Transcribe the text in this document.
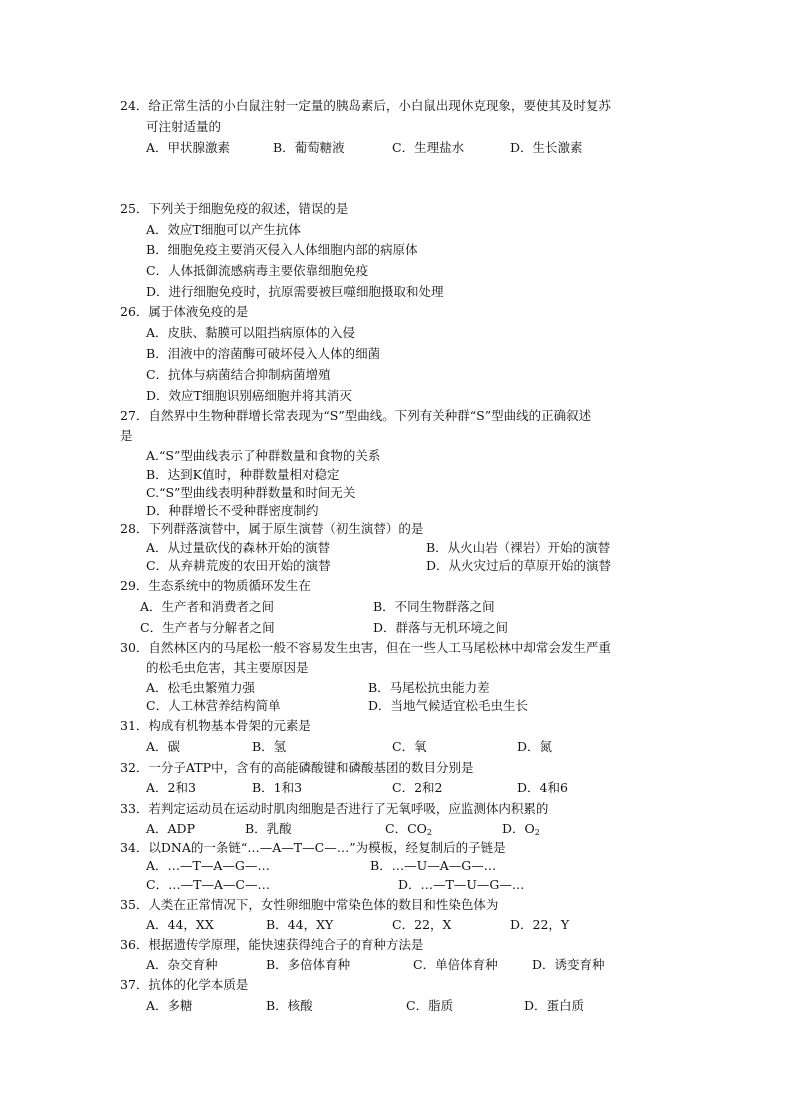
24．给正常生活的小白鼠注射一定量的胰岛素后，小白鼠出现休克现象，要使其及时复苏
可注射适量的
A．甲状腺激素	B．葡萄糖液	C．生理盐水	D．生长激素
25．下列关于细胞免疫的叙述，错误的是
A．效应T细胞可以产生抗体
B．细胞免疫主要消灭侵入人体细胞内部的病原体
C．人体抵御流感病毒主要依靠细胞免疫
D．进行细胞免疫时，抗原需要被巨噬细胞摄取和处理
26．属于体液免疫的是
A．皮肤、黏膜可以阻挡病原体的入侵
B．泪液中的溶菌酶可破坏侵入人体的细菌
C．抗体与病菌结合抑制病菌增殖
D．效应T细胞识别癌细胞并将其消灭
27．自然界中生物种群增长常表现为“S”型曲线。下列有关种群“S”型曲线的正确叙述
是
A.“S”型曲线表示了种群数量和食物的关系
B．达到K值时，种群数量相对稳定
C.“S”型曲线表明种群数量和时间无关
D．种群增长不受种群密度制约
28．下列群落演替中，属于原生演替（初生演替）的是
A．从过量砍伐的森林开始的演替	B．从火山岩（裸岩）开始的演替
C．从弃耕荒废的农田开始的演替	D．从火灾过后的草原开始的演替
29．生态系统中的物质循环发生在
A．生产者和消费者之间	B．不同生物群落之间
C．生产者与分解者之间	D．群落与无机环境之间
30．自然林区内的马尾松一般不容易发生虫害，但在一些人工马尾松林中却常会发生严重
的松毛虫危害，其主要原因是
A．松毛虫繁殖力强	B．马尾松抗虫能力差
C．人工林营养结构简单	D．当地气候适宜松毛虫生长
31．构成有机物基本骨架的元素是
A．碳	B．氢	C．氧	D．氮
32．一分子ATP中，含有的高能磷酸键和磷酸基团的数目分别是
A．2和3	B．1和3	C．2和2	D．4和6
33．若判定运动员在运动时肌肉细胞是否进行了无氧呼吸，应监测体内积累的
A．ADP	B．乳酸	C．$CO_2$	D．$O_2$
34．以DNA的一条链“…—A—T—C—…”为模板，经复制后的子链是
A．…—T—A—G—…	B．…—U—A—G—…
C．…—T—A—C—…	D．…—T—U—G—…
35．人类在正常情况下，女性卵细胞中常染色体的数目和性染色体为
A．44，XX	B．44，XY	C．22，X	D．22，Y
36．根据遗传学原理，能快速获得纯合子的育种方法是
A．杂交育种	B．多倍体育种	C．单倍体育种	D．诱变育种
37．抗体的化学本质是
A．多糖	B．核酸	C．脂质	D．蛋白质
